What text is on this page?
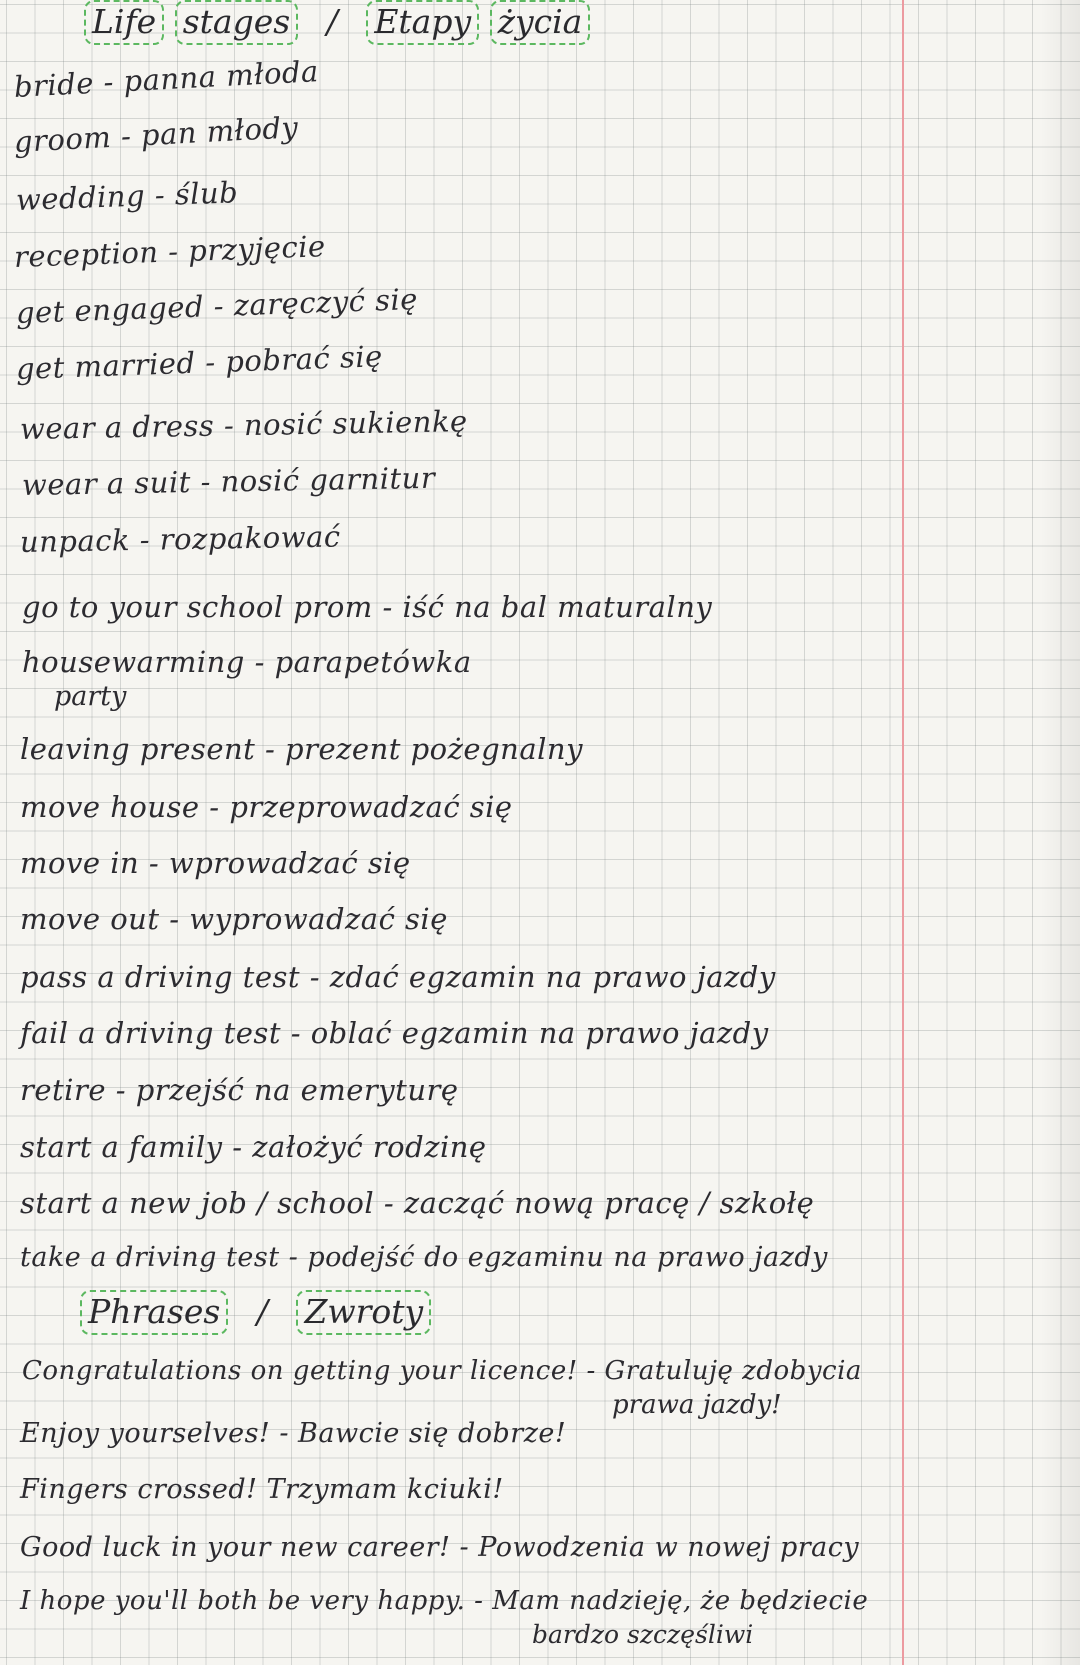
Life stages / Etapy życia
bride - panna młoda
groom - pan młody
wedding - ślub
reception - przyjęcie
get engaged - zaręczyć się
get married - pobrać się
wear a dress - nosić sukienkę
wear a suit - nosić garnitur
unpack - rozpakować
go to your school prom - iść na bal maturalny
housewarming - parapetówka
party
leaving present - prezent pożegnalny
move house - przeprowadzać się
move in - wprowadzać się
move out - wyprowadzać się
pass a driving test - zdać egzamin na prawo jazdy
fail a driving test - oblać egzamin na prawo jazdy
retire - przejść na emeryturę
start a family - założyć rodzinę
start a new job / school - zacząć nową pracę / szkołę
take a driving test - podejść do egzaminu na prawo jazdy
Phrases / Zwroty
Congratulations on getting your licence! - Gratuluję zdobycia
prawa jazdy!
Enjoy yourselves! - Bawcie się dobrze!
Fingers crossed! Trzymam kciuki!
Good luck in your new career! - Powodzenia w nowej pracy
I hope you'll both be very happy. - Mam nadzieję, że będziecie
bardzo szczęśliwi
